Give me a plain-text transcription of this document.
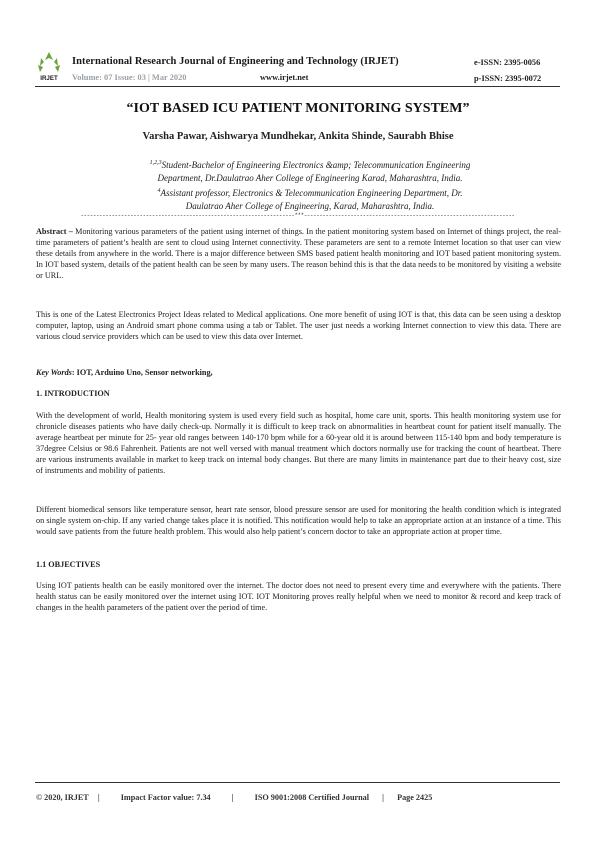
IRJET
International Research Journal of Engineering and Technology (IRJET)
Volume: 07 Issue: 03 | Mar 2020	www.irjet.net
e-ISSN: 2395-0056
p-ISSN: 2395-0072
“IOT BASED ICU PATIENT MONITORING SYSTEM”
Varsha Pawar, Aishwarya Mundhekar, Ankita Shinde, Saurabh Bhise
$^{1,2,3}$Student-Bachelor of Engineering Electronics &amp; Telecommunication Engineering Department, Dr.Daulatrao Aher College of Engineering Karad, Maharashtra, India.
$^4$Assistant professor, Electronics & Telecommunication Engineering Department, Dr. Daulatrao Aher College of Engineering, Karad, Maharashtra, India.
---------------------------------------------------------------------***--------------------------------------------------------------------

Abstract – Monitoring various parameters of the patient using internet of things. In the patient monitoring system based on Internet of things project, the real-time parameters of patient’s health are sent to cloud using Internet connectivity. These parameters are sent to a remote Internet location so that user can view these details from anywhere in the world. There is a major difference between SMS based patient health monitoring and IOT based patient monitoring system. In IOT based system, details of the patient health can be seen by many users. The reason behind this is that the data needs to be monitored by visiting a website or URL.

This is one of the Latest Electronics Project Ideas related to Medical applications. One more benefit of using IOT is that, this data can be seen using a desktop computer, laptop, using an Android smart phone comma using a tab or Tablet. The user just needs a working Internet connection to view this data. There are various cloud service providers which can be used to view this data over Internet.

Key Words: IOT, Arduino Uno, Sensor networking,
1. INTRODUCTION

With the development of world, Health monitoring system is used every field such as hospital, home care unit, sports. This health monitoring system use for chronicle diseases patients who have daily check-up. Normally it is difficult to keep track on abnormalities in heartbeat count for patient itself manually. The average heartbeat per minute for 25- year old ranges between 140-170 bpm while for a 60-year old it is around between 115-140 bpm and body temperature is 37degree Celsius or 98.6 Fahrenheit. Patients are not well versed with manual treatment which doctors normally use for tracking the count of heartbeat. There are various instruments available in market to keep track on internal body changes. But there are many limits in maintenance part due to their heavy cost, size of instruments and mobility of patients.

Different biomedical sensors like temperature sensor, heart rate sensor, blood pressure sensor are used for monitoring the health condition which is integrated on single system on-chip. If any varied change takes place it is notified. This notification would help to take an appropriate action at an instance of a time. This would save patients from the future health problem. This would also help patient’s concern doctor to take an appropriate action at proper time.

1.1 OBJECTIVES

Using IOT patients health can be easily monitored over the internet. The doctor does not need to present every time and everywhere with the patients. There health status can be easily monitored over the internet using IOT. IOT Monitoring proves really helpful when we need to monitor & record and keep track of changes in the health parameters of the patient over the period of time.

© 2020, IRJET |	Impact Factor value: 7.34	|	ISO 9001:2008 Certified Journal | Page 2425
